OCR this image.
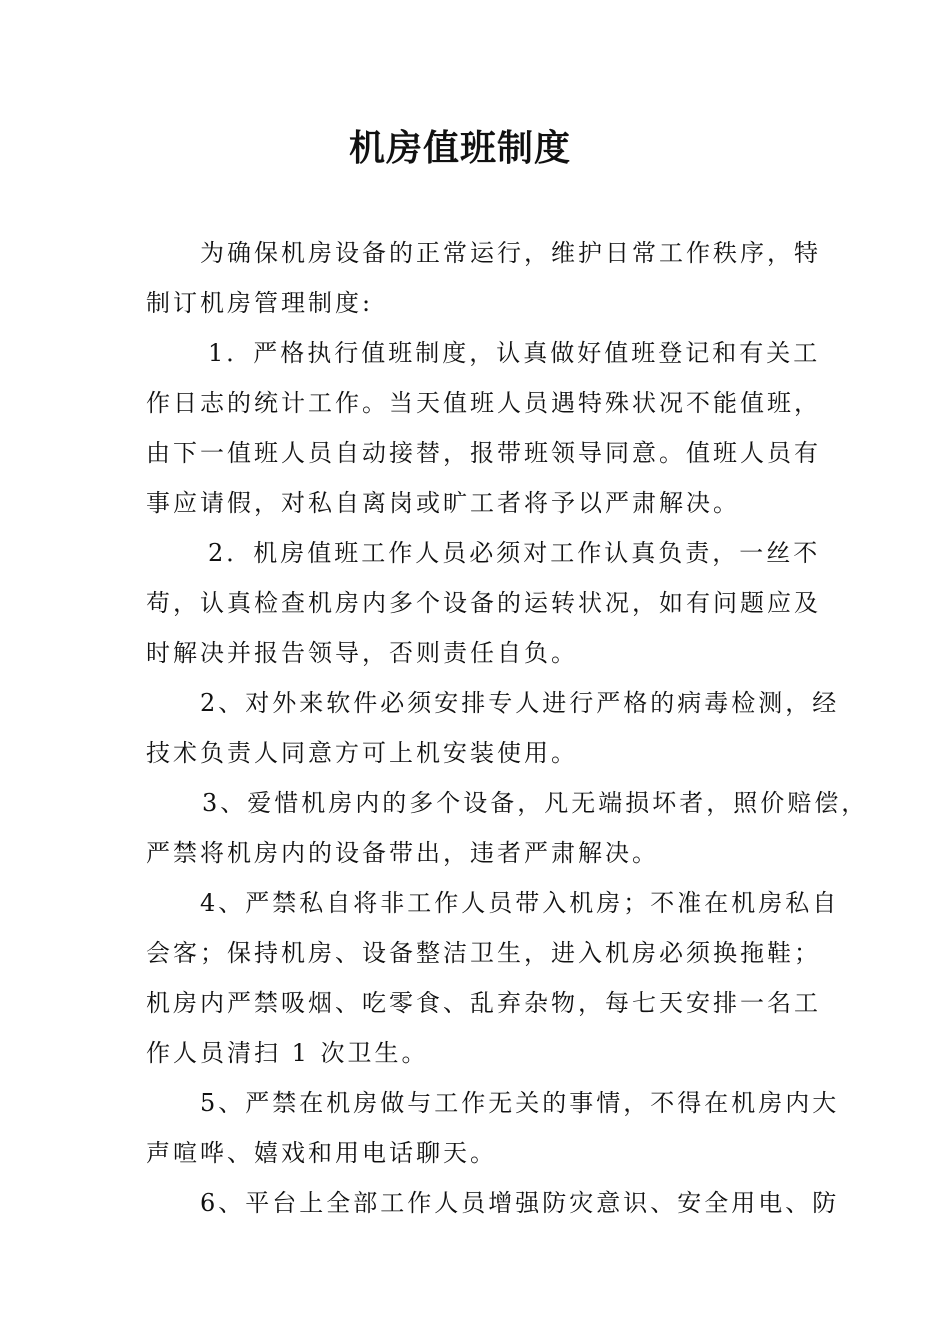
机房值班制度

为确保机房设备的正常运行，维护日常工作秩序，特
制订机房管理制度:

1．严格执行值班制度，认真做好值班登记和有关工
作日志的统计工作。当天值班人员遇特殊状况不能值班，
由下一值班人员自动接替，报带班领导同意。值班人员有
事应请假，对私自离岗或旷工者将予以严肃解决。

2．机房值班工作人员必须对工作认真负责，一丝不
苟，认真检查机房内多个设备的运转状况，如有问题应及
时解决并报告领导，否则责任自负。

2、对外来软件必须安排专人进行严格的病毒检测，经
技术负责人同意方可上机安装使用。

3、爱惜机房内的多个设备，凡无端损坏者，照价赔偿，
严禁将机房内的设备带出，违者严肃解决。

4、严禁私自将非工作人员带入机房；不准在机房私自
会客；保持机房、设备整洁卫生，进入机房必须换拖鞋；
机房内严禁吸烟、吃零食、乱弃杂物，每七天安排一名工
作人员清扫 1 次卫生。

5、严禁在机房做与工作无关的事情，不得在机房内大
声喧哗、嬉戏和用电话聊天。

6、平台上全部工作人员增强防灾意识、安全用电、防
